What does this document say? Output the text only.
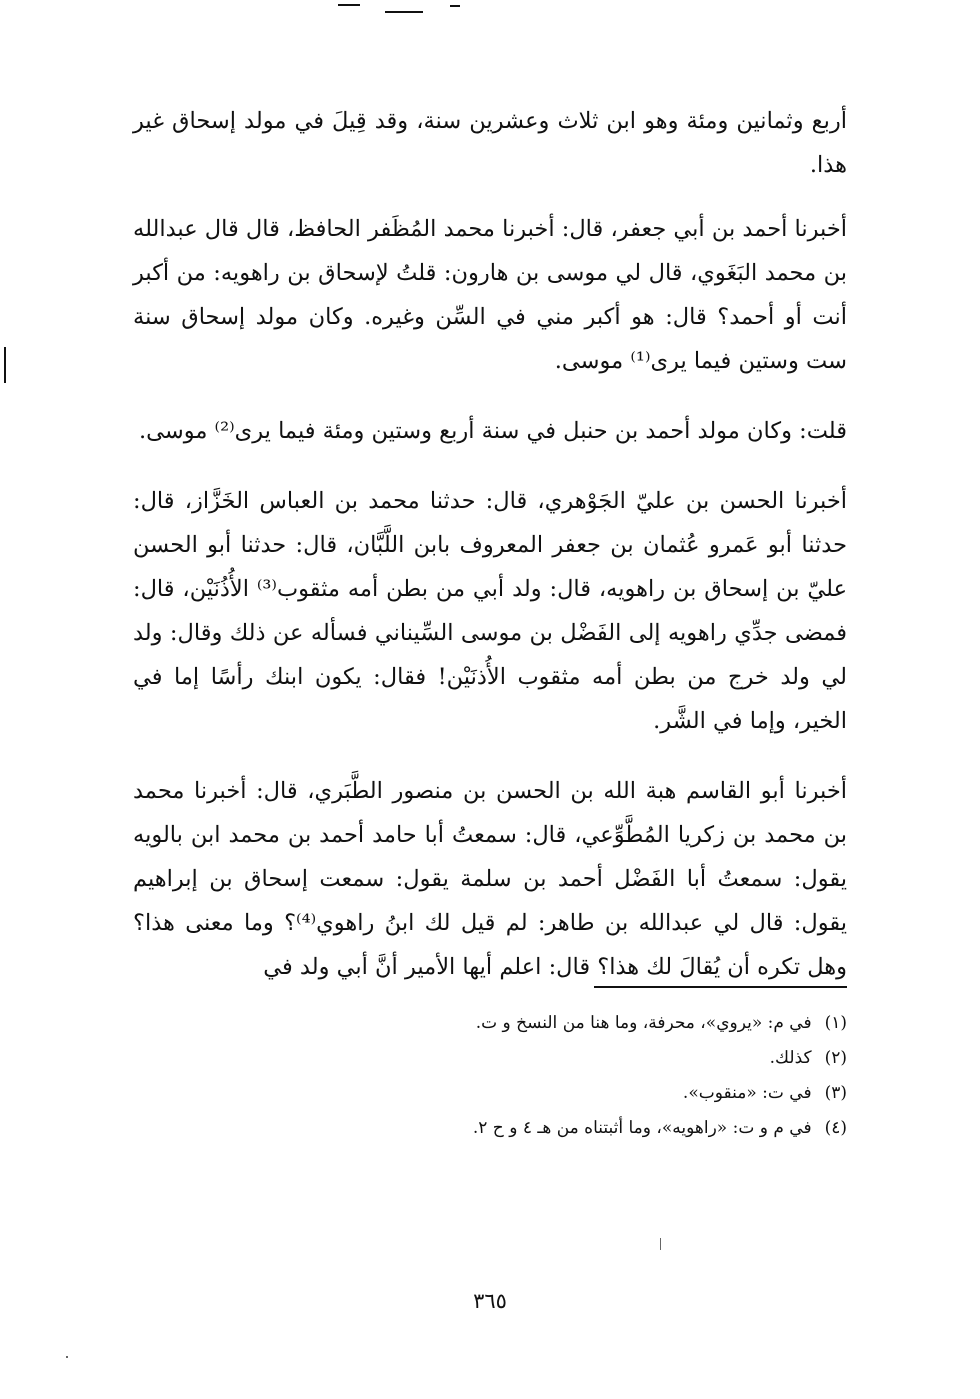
أربع وثمانين ومئة وهو ابن ثلاث وعشرين سنة، وقد قِيلَ في مولد إسحاق غير هذا.

أخبرنا أحمد بن أبي جعفر، قال: أخبرنا محمد المُظَفر الحافظ، قال قال عبدالله بن محمد البَغَوي، قال لي موسى بن هارون: قلتُ لإسحاق بن راهويه: من أكبر أنت أو أحمد؟ قال: هو أكبر مني في السِّن وغيره. وكان مولد إسحاق سنة ست وستين فيما يرى⁽¹⁾ موسى.

قلت: وكان مولد أحمد بن حنبل في سنة أربع وستين ومئة فيما يرى⁽²⁾ موسى.

أخبرنا الحسن بن عليّ الجَوْهري، قال: حدثنا محمد بن العباس الخَزَّاز، قال: حدثنا أبو عَمرو عُثمان بن جعفر المعروف بابن اللَّبَّان، قال: حدثنا أبو الحسن عليّ بن إسحاق بن راهويه، قال: ولد أبي من بطن أمه مثقوب⁽³⁾ الأُذُنَيْن، قال: فمضى جدِّي راهويه إلى الفَضْل بن موسى السِّيناني فسأله عن ذلك وقال: ولد لي ولد خرج من بطن أمه مثقوب الأُذنَيْن! فقال: يكون ابنك رأسًا إما في الخير، وإما في الشَّر.

أخبرنا أبو القاسم هبة الله بن الحسن بن منصور الطَّبَري، قال: أخبرنا محمد بن محمد بن زكريا المُطَّوِّعي، قال: سمعتُ أبا حامد أحمد بن محمد ابن بالويه يقول: سمعتُ أبا الفَضْل أحمد بن سلمة يقول: سمعت إسحاق بن إبراهيم يقول: قال لي عبدالله بن طاهر: لم قيل لك ابنُ راهوي⁽⁴⁾؟ وما معنى هذا؟ وهل تكره أن يُقالَ لك هذا؟ قال: اعلم أيها الأمير أنَّ أبي ولد في

(١) في م: «يروي»، محرفة، وما هنا من النسخ و ت.
(٢) كذلك.
(٣) في ت: «منقوب».
(٤) في م و ت: «راهويه»، وما أثبتناه من هـ ٤ و ح ٢.
٣٦٥
